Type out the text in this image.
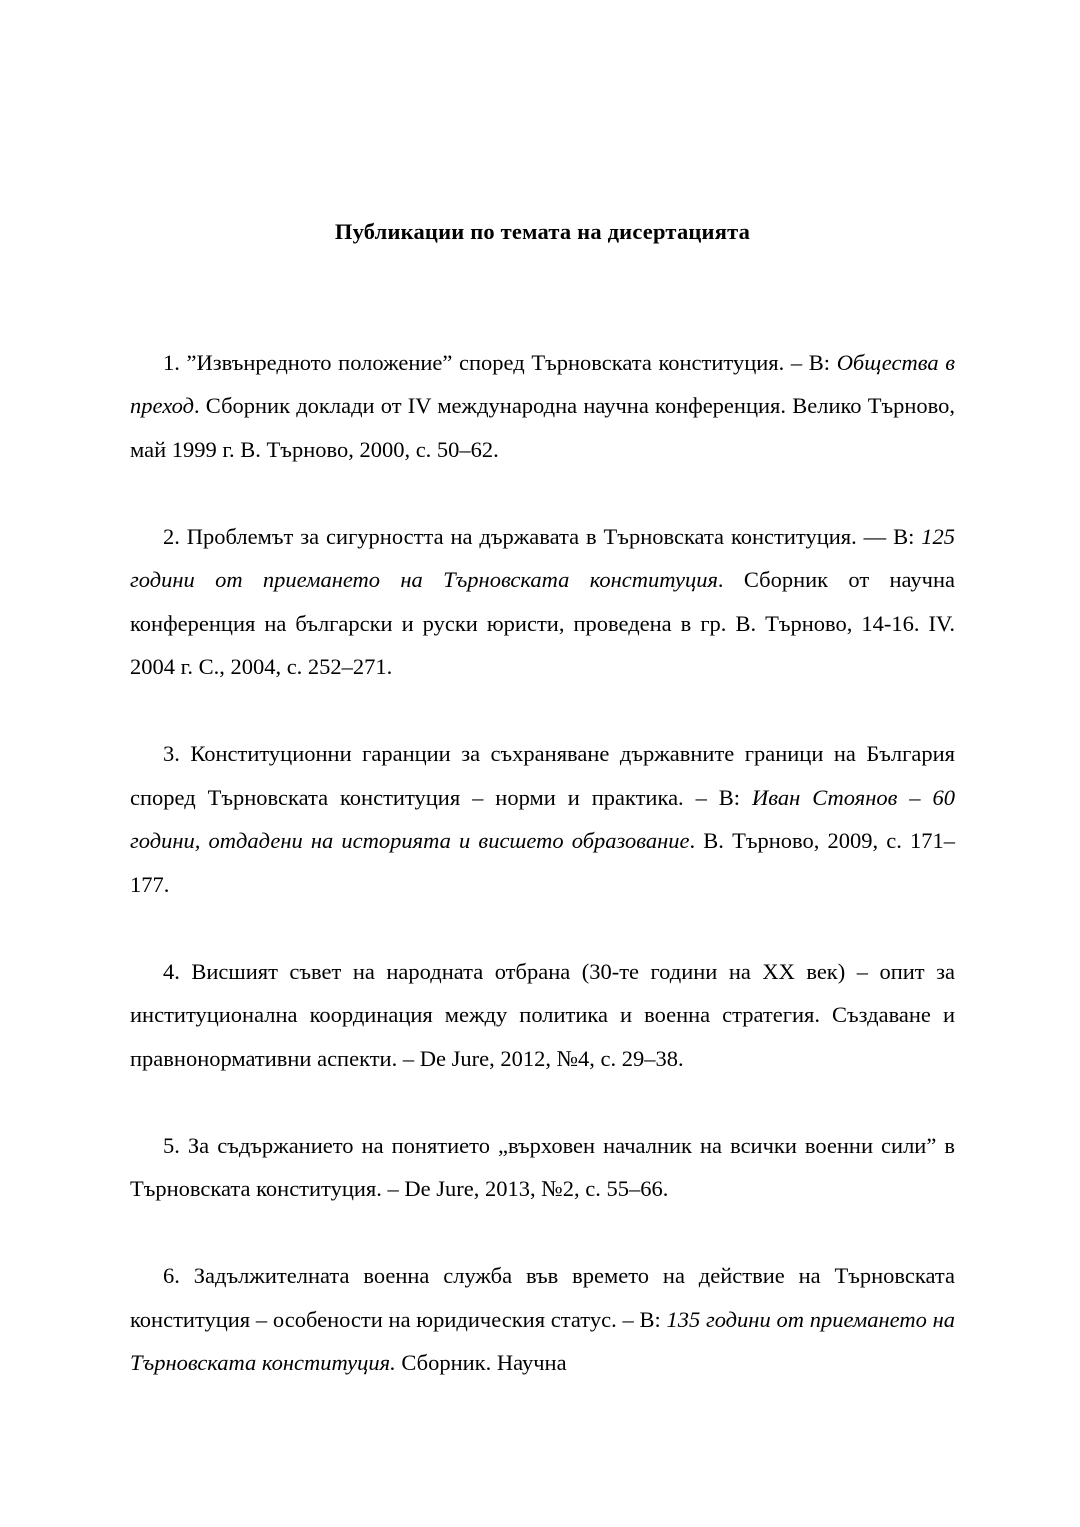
Публикации по темата на дисертацията

1. ”Извънредното положение” според Търновската конституция. – В: Общества в преход. Сборник доклади от IV международна научна конференция. Велико Търново, май 1999 г. В. Търново, 2000, с. 50–62.

2. Проблемът за сигурността на държавата в Търновската конституция. — В: 125 години от приемането на Търновската конституция. Сборник от научна конференция на български и руски юристи, проведена в гр. В. Търново, 14-16. IV. 2004 г. С., 2004, с. 252–271.

3. Конституционни гаранции за съхраняване държавните граници на България според Търновската конституция – норми и практика. – В: Иван Стоянов – 60 години, отдадени на историята и висшето образование. В. Търново, 2009, с. 171–177.

4. Висшият съвет на народната отбрана (30-те години на ХХ век) – опит за институционална координация между политика и военна стратегия. Създаване и правнонормативни аспекти. – De Jure, 2012, №4, с. 29–38.

5. За съдържанието на понятието „върховен началник на всички военни сили” в Търновската конституция. – De Jure, 2013, №2, с. 55–66.

6. Задължителната военна служба във времето на действие на Търновската конституция – особености на юридическия статус. – В: 135 години от приемането на Търновската конституция. Сборник. Научна
